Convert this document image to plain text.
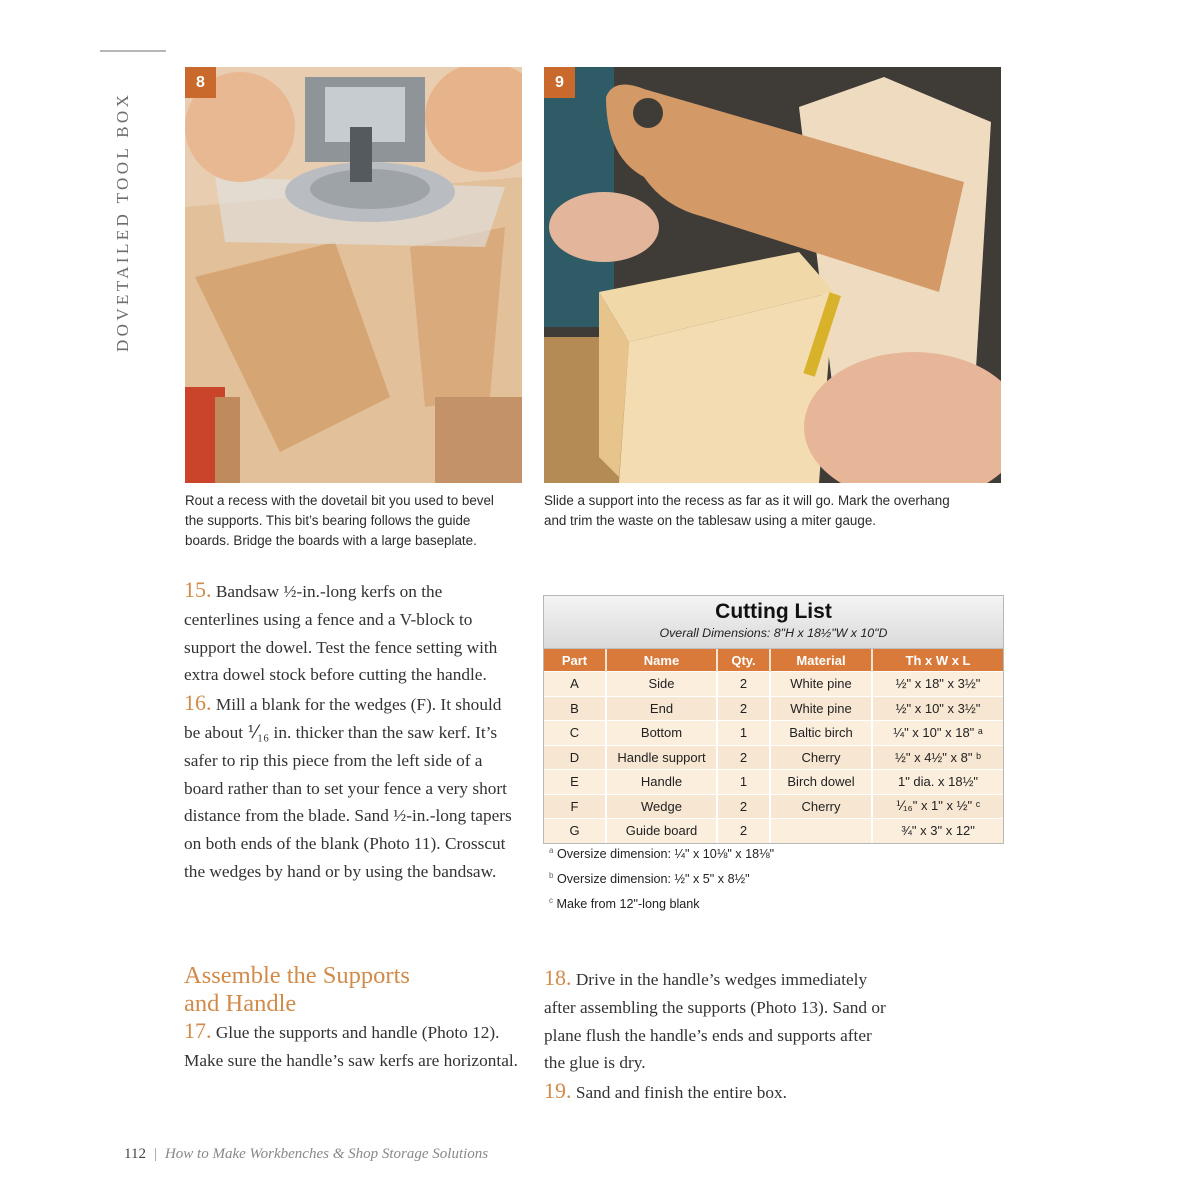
DOVETAILED TOOL BOX
8
Rout a recess with the dovetail bit you used to bevel
the supports. This bit’s bearing follows the guide
boards. Bridge the boards with a large baseplate.
9
Slide a support into the recess as far as it will go. Mark the overhang
and trim the waste on the tablesaw using a miter gauge.

15. Bandsaw ½-in.-long kerfs on the centerlines using a fence and a V-block to support the dowel. Test the fence setting with extra dowel stock before cutting the handle.

16. Mill a blank for the wedges (F). It should be about ⅟₁₆ in. thicker than the saw kerf. It’s safer to rip this piece from the left side of a board rather than to set your fence a very short distance from the blade. Sand ½-in.-long tapers on both ends of the blank (Photo 11). Crosscut the wedges by hand or by using the bandsaw.

Assemble the Supports
and Handle

17. Glue the supports and handle (Photo 12). Make sure the handle’s saw kerfs are horizontal.

18. Drive in the handle’s wedges immediately after assembling the supports (Photo 13). Sand or plane flush the handle’s ends and supports after the glue is dry.

19. Sand and finish the entire box.

Cutting List
Overall Dimensions: 8"H x 18½"W x 10"D
Part	Name	Qty.	Material	Th x W x L
A	Side	2	White pine	½" x 18" x 3½"
B	End	2	White pine	½" x 10" x 3½"
C	Bottom	1	Baltic birch	¼" x 10" x 18" ᵃ
D	Handle support	2	Cherry	½" x 4½" x 8" ᵇ
E	Handle	1	Birch dowel	1" dia. x 18½"
F	Wedge	2	Cherry	⅟₁₆" x 1" x ½" ᶜ
G	Guide board	2		¾" x 3" x 12"
$^a$ Oversize dimension: ¼" x 10⅛" x 18⅛"
$^b$ Oversize dimension: ½" x 5" x 8½"
$^c$ Make from 12"-long blank
112 | How to Make Workbenches & Shop Storage Solutions
